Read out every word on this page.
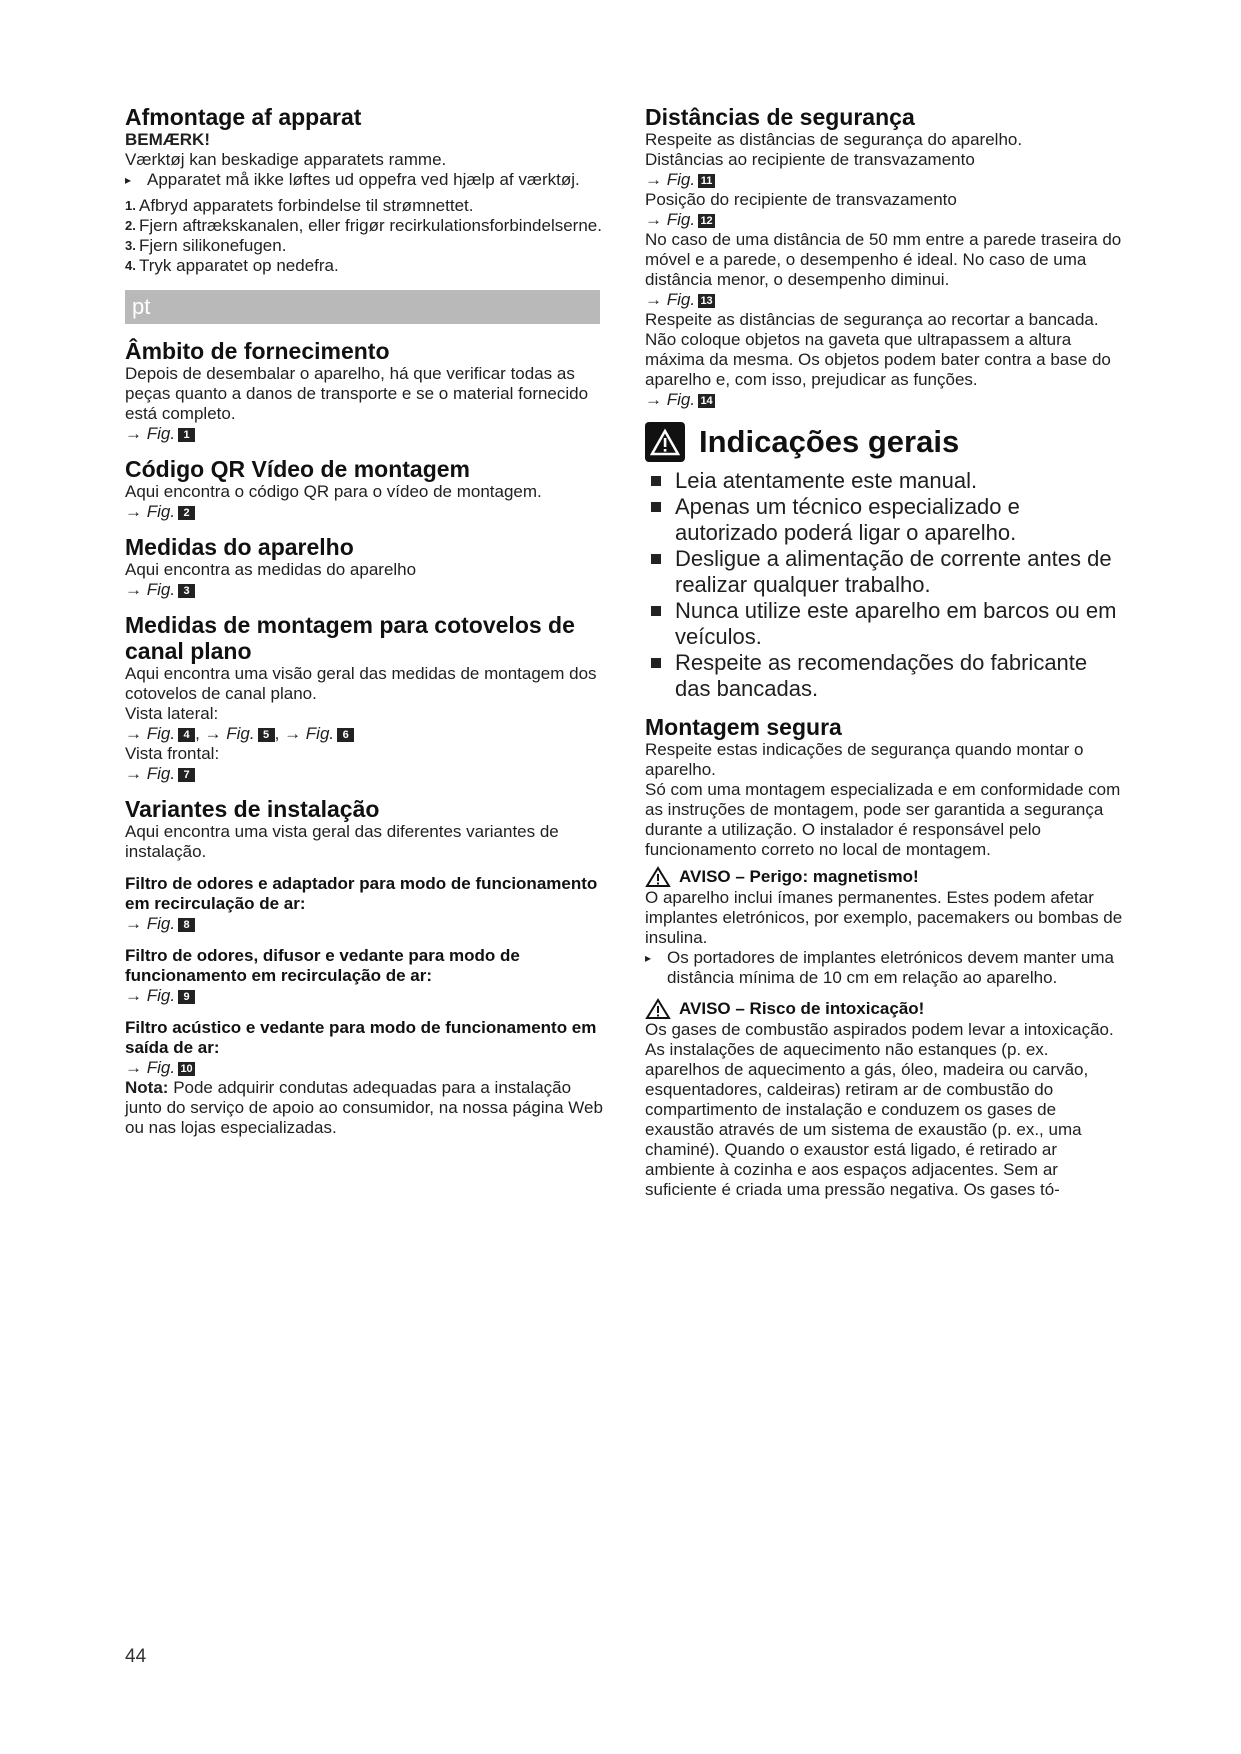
Afmontage af apparat

BEMÆRK!

Værktøj kan beskadige apparatets ramme.

▸ Apparatet må ikke løftes ud oppefra ved hjælp af værktøj.

1. Afbryd apparatets forbindelse til strømnettet.

2. Fjern aftrækskanalen, eller frigør recirkulationsforbindelserne.

3. Fjern silikonefugen.

4. Tryk apparatet op nedefra.

pt
Âmbito de fornecimento

Depois de desembalar o aparelho, há que verificar todas as peças quanto a danos de transporte e se o material fornecido está completo.

→ Fig. 1

Código QR Vídeo de montagem

Aqui encontra o código QR para o vídeo de montagem.

→ Fig. 2

Medidas do aparelho

Aqui encontra as medidas do aparelho

→ Fig. 3

Medidas de montagem para cotovelos de canal plano

Aqui encontra uma visão geral das medidas de montagem dos cotovelos de canal plano.

Vista lateral:

→ Fig. 4 , → Fig. 5 , → Fig. 6

Vista frontal:

→ Fig. 7

Variantes de instalação

Aqui encontra uma vista geral das diferentes variantes de instalação.

Filtro de odores e adaptador para modo de funcionamento em recirculação de ar:

→ Fig. 8

Filtro de odores, difusor e vedante para modo de funcionamento em recirculação de ar:

→ Fig. 9

Filtro acústico e vedante para modo de funcionamento em saída de ar:

→ Fig. 10

Nota: Pode adquirir condutas adequadas para a instalação junto do serviço de apoio ao consumidor, na nossa página Web ou nas lojas especializadas.

Distâncias de segurança

Respeite as distâncias de segurança do aparelho.

Distâncias ao recipiente de transvazamento

→ Fig. 11

Posição do recipiente de transvazamento

→ Fig. 12

No caso de uma distância de 50 mm entre a parede traseira do móvel e a parede, o desempenho é ideal. No caso de uma distância menor, o desempenho diminui.

→ Fig. 13

Respeite as distâncias de segurança ao recortar a bancada.

Não coloque objetos na gaveta que ultrapassem a altura máxima da mesma. Os objetos podem bater contra a base do aparelho e, com isso, prejudicar as funções.

→ Fig. 14

Indicações gerais
Leia atentamente este manual.
Apenas um técnico especializado e autorizado poderá ligar o aparelho.
Desligue a alimentação de corrente antes de realizar qualquer trabalho.
Nunca utilize este aparelho em barcos ou em veículos.
Respeite as recomendações do fabricante das bancadas.
Montagem segura

Respeite estas indicações de segurança quando montar o aparelho.

Só com uma montagem especializada e em conformidade com as instruções de montagem, pode ser garantida a segurança durante a utilização. O instalador é responsável pelo funcionamento correto no local de montagem.

AVISO – Perigo: magnetismo!

O aparelho inclui ímanes permanentes. Estes podem afetar implantes eletrónicos, por exemplo, pacemakers ou bombas de insulina.

▸ Os portadores de implantes eletrónicos devem manter uma distância mínima de 10 cm em relação ao aparelho.

AVISO – Risco de intoxicação!

Os gases de combustão aspirados podem levar a intoxicação. As instalações de aquecimento não estanques (p. ex. aparelhos de aquecimento a gás, óleo, madeira ou carvão, esquentadores, caldeiras) retiram ar de combustão do compartimento de instalação e conduzem os gases de exaustão através de um sistema de exaustão (p. ex., uma chaminé). Quando o exaustor está ligado, é retirado ar ambiente à cozinha e aos espaços adjacentes. Sem ar suficiente é criada uma pressão negativa. Os gases tó-

44
